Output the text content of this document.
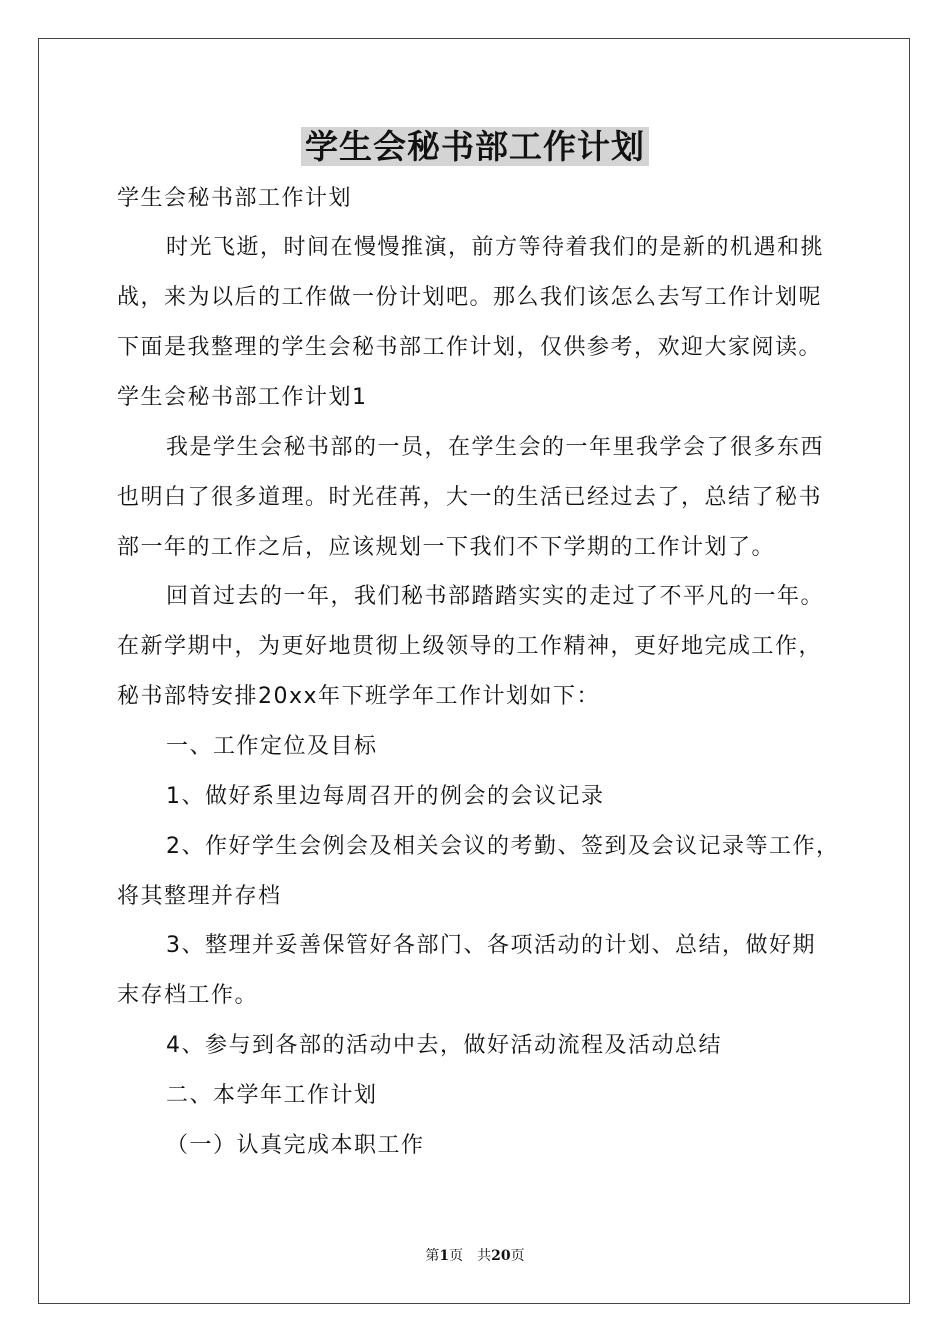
学生会秘书部工作计划
学生会秘书部工作计划
时光飞逝，时间在慢慢推演，前方等待着我们的是新的机遇和挑
战，来为以后的工作做一份计划吧。那么我们该怎么去写工作计划呢
下面是我整理的学生会秘书部工作计划，仅供参考，欢迎大家阅读。
学生会秘书部工作计划1
我是学生会秘书部的一员，在学生会的一年里我学会了很多东西
也明白了很多道理。时光荏苒，大一的生活已经过去了，总结了秘书
部一年的工作之后，应该规划一下我们不下学期的工作计划了。
回首过去的一年，我们秘书部踏踏实实的走过了不平凡的一年。
在新学期中，为更好地贯彻上级领导的工作精神，更好地完成工作，
秘书部特安排20xx年下班学年工作计划如下：
一、工作定位及目标
1、做好系里边每周召开的例会的会议记录
2、作好学生会例会及相关会议的考勤、签到及会议记录等工作，
将其整理并存档
3、整理并妥善保管好各部门、各项活动的计划、总结，做好期
末存档工作。
4、参与到各部的活动中去，做好活动流程及活动总结
二、本学年工作计划
（一）认真完成本职工作
第1页　共20页
